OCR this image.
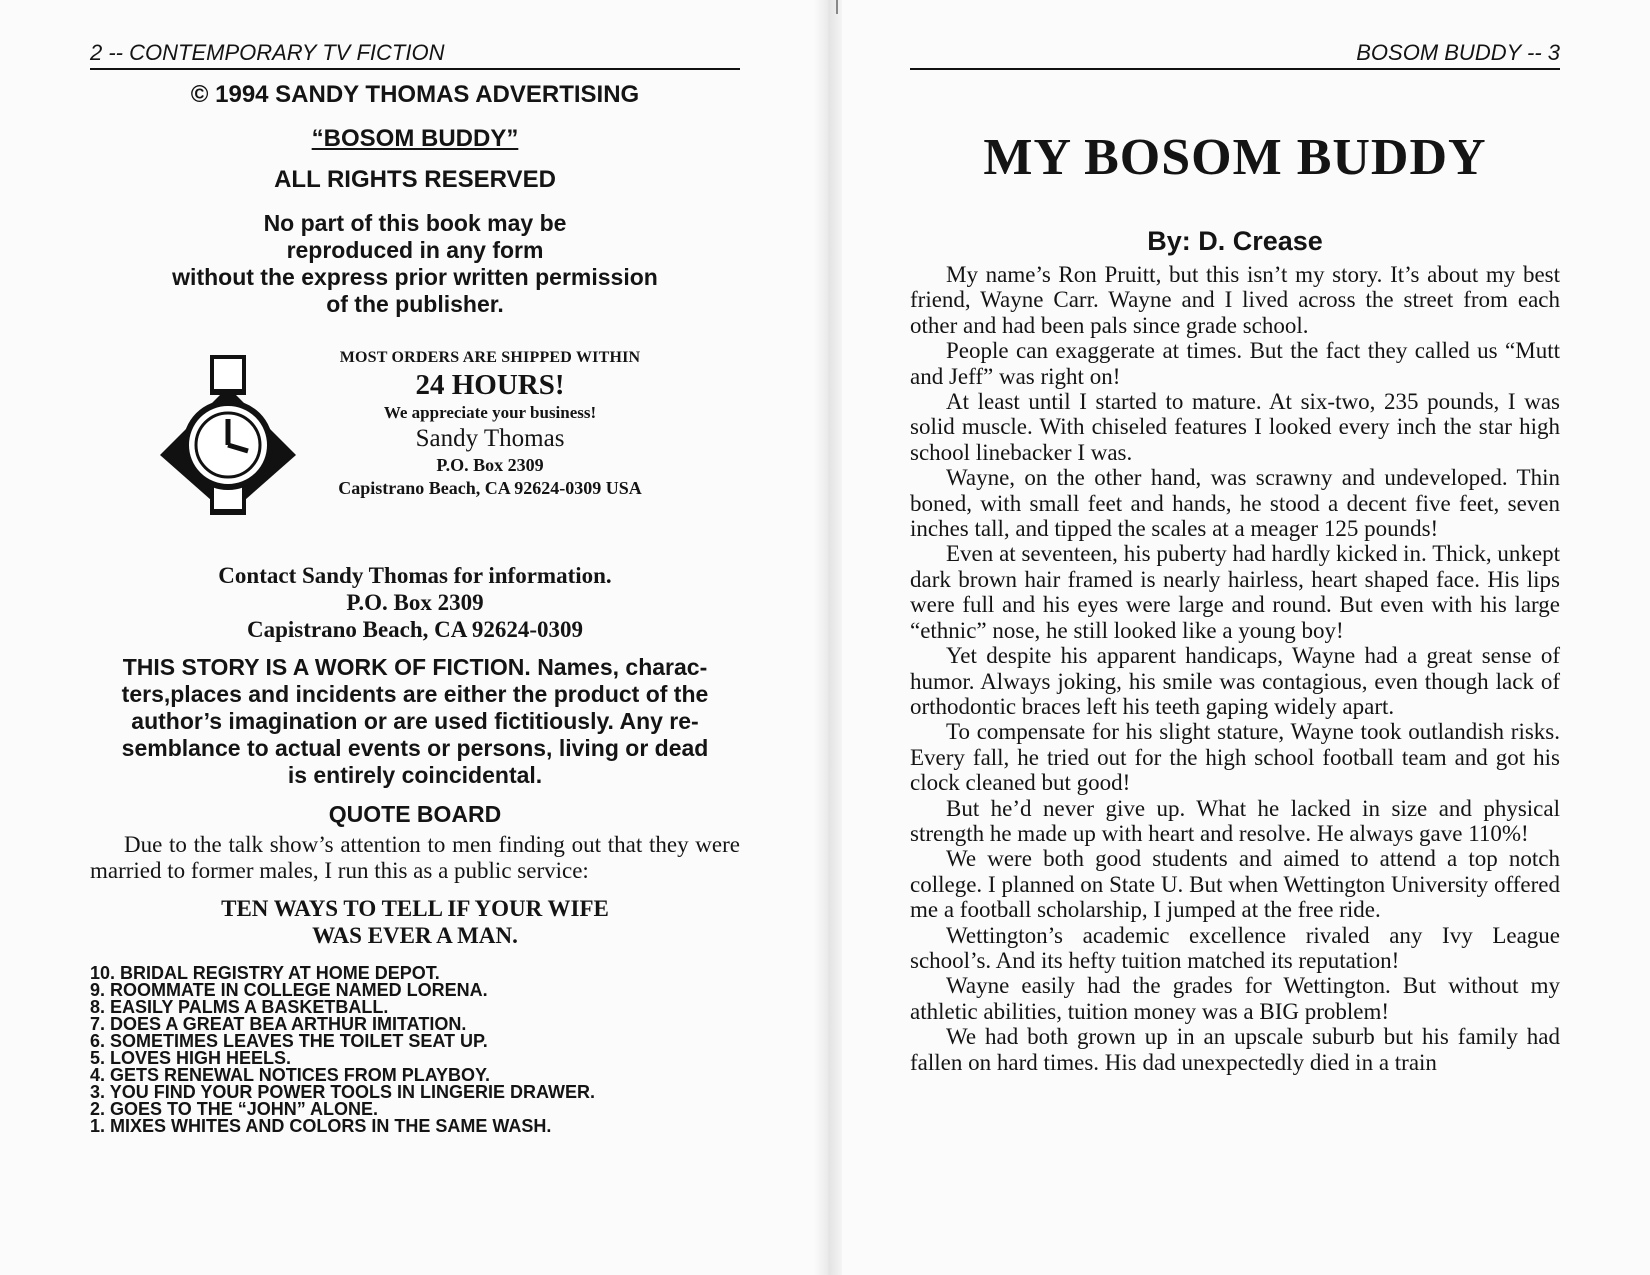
2 -- CONTEMPORARY TV FICTION
© 1994 SANDY THOMAS ADVERTISING
“BOSOM BUDDY”
ALL RIGHTS RESERVED
No part of this book may be
reproduced in any form
without the express prior written permission
of the publisher.
MOST ORDERS ARE SHIPPED WITHIN
24 HOURS!
We appreciate your business!
Sandy Thomas
P.O. Box 2309
Capistrano Beach, CA 92624-0309 USA
Contact Sandy Thomas for information.
P.O. Box 2309
Capistrano Beach, CA 92624-0309
THIS STORY IS A WORK OF FICTION. Names, charac-
ters,places and incidents are either the product of the
author’s imagination or are used fictitiously. Any re-
semblance to actual events or persons, living or dead
is entirely coincidental.
QUOTE BOARD
Due to the talk show’s attention to men finding out that they were married to former males, I run this as a public service:
TEN WAYS TO TELL IF YOUR WIFE
WAS EVER A MAN.
10. BRIDAL REGISTRY AT HOME DEPOT.
9. ROOMMATE IN COLLEGE NAMED LORENA.
8. EASILY PALMS A BASKETBALL.
7. DOES A GREAT BEA ARTHUR IMITATION.
6. SOMETIMES LEAVES THE TOILET SEAT UP.
5. LOVES HIGH HEELS.
4. GETS RENEWAL NOTICES FROM PLAYBOY.
3. YOU FIND YOUR POWER TOOLS IN LINGERIE DRAWER.
2. GOES TO THE “JOHN” ALONE.
1. MIXES WHITES AND COLORS IN THE SAME WASH.
BOSOM BUDDY -- 3
MY BOSOM BUDDY
By: D. Crease

My name’s Ron Pruitt, but this isn’t my story. It’s about my best friend, Wayne Carr. Wayne and I lived across the street from each other and had been pals since grade school.

People can exaggerate at times. But the fact they called us “Mutt and Jeff” was right on!

At least until I started to mature. At six-two, 235 pounds, I was solid muscle. With chiseled features I looked every inch the star high school linebacker I was.

Wayne, on the other hand, was scrawny and undeveloped. Thin boned, with small feet and hands, he stood a decent five feet, seven inches tall, and tipped the scales at a meager 125 pounds!

Even at seventeen, his puberty had hardly kicked in. Thick, unkept dark brown hair framed is nearly hairless, heart shaped face. His lips were full and his eyes were large and round. But even with his large “ethnic” nose, he still looked like a young boy!

Yet despite his apparent handicaps, Wayne had a great sense of humor. Always joking, his smile was contagious, even though lack of orthodontic braces left his teeth gaping widely apart.

To compensate for his slight stature, Wayne took outlandish risks. Every fall, he tried out for the high school football team and got his clock cleaned but good!

But he’d never give up. What he lacked in size and physical strength he made up with heart and resolve. He always gave 110%!

We were both good students and aimed to attend a top notch college. I planned on State U. But when Wettington University offered me a football scholarship, I jumped at the free ride.

Wettington’s academic excellence rivaled any Ivy League school’s. And its hefty tuition matched its reputation!

Wayne easily had the grades for Wettington. But without my athletic abilities, tuition money was a BIG problem!

We had both grown up in an upscale suburb but his family had fallen on hard times. His dad unexpectedly died in a train
